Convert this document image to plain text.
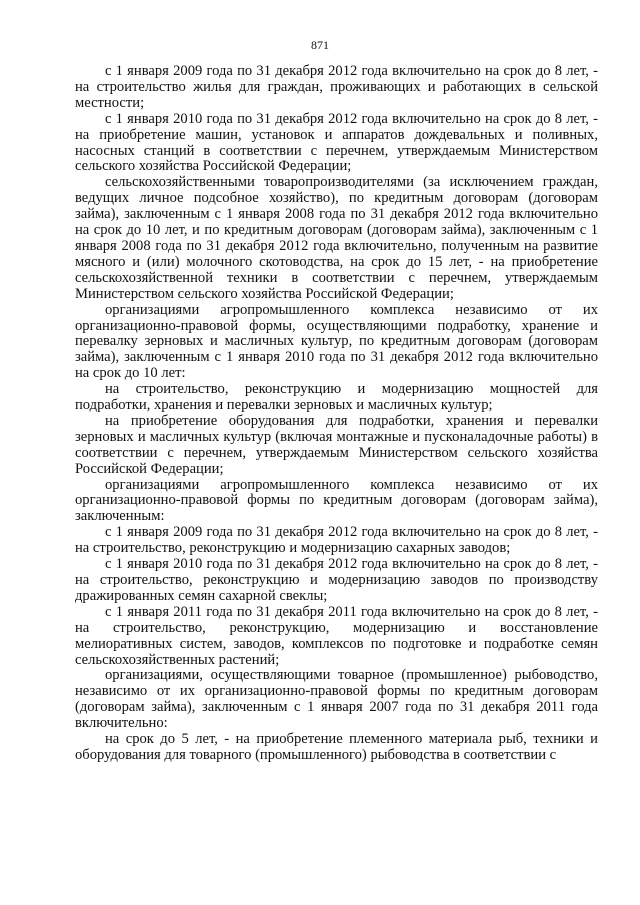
871

с 1 января 2009 года по 31 декабря 2012 года включительно на срок до 8 лет, - на строительство жилья для граждан, проживающих и работающих в сельской местности;

с 1 января 2010 года по 31 декабря 2012 года включительно на срок до 8 лет, - на приобретение машин, установок и аппаратов дождевальных и поливных, насосных станций в соответствии с перечнем, утверждаемым Министерством сельского хозяйства Российской Федерации;

сельскохозяйственными товаропроизводителями (за исключением граждан, ведущих личное подсобное хозяйство), по кредитным договорам (договорам займа), заключенным с 1 января 2008 года по 31 декабря 2012 года включительно на срок до 10 лет, и по кредитным договорам (договорам займа), заключенным с 1 января 2008 года по 31 декабря 2012 года включительно, полученным на развитие мясного и (или) молочного скотоводства, на срок до 15 лет, - на приобретение сельскохозяйственной техники в соответствии с перечнем, утверждаемым Министерством сельского хозяйства Российской Федерации;

организациями агропромышленного комплекса независимо от их организационно-правовой формы, осуществляющими подработку, хранение и перевалку зерновых и масличных культур, по кредитным договорам (договорам займа), заключенным с 1 января 2010 года по 31 декабря 2012 года включительно на срок до 10 лет:

на строительство, реконструкцию и модернизацию мощностей для подработки, хранения и перевалки зерновых и масличных культур;

на приобретение оборудования для подработки, хранения и перевалки зерновых и масличных культур (включая монтажные и пусконаладочные работы) в соответствии с перечнем, утверждаемым Министерством сельского хозяйства Российской Федерации;

организациями агропромышленного комплекса независимо от их организационно-правовой формы по кредитным договорам (договорам займа), заключенным:

с 1 января 2009 года по 31 декабря 2012 года включительно на срок до 8 лет, - на строительство, реконструкцию и модернизацию сахарных заводов;

с 1 января 2010 года по 31 декабря 2012 года включительно на срок до 8 лет, - на строительство, реконструкцию и модернизацию заводов по производству дражированных семян сахарной свеклы;

с 1 января 2011 года по 31 декабря 2011 года включительно на срок до 8 лет, - на строительство, реконструкцию, модернизацию и восстановление мелиоративных систем, заводов, комплексов по подготовке и подработке семян сельскохозяйственных растений;

организациями, осуществляющими товарное (промышленное) рыбоводство, независимо от их организационно-правовой формы по кредитным договорам (договорам займа), заключенным с 1 января 2007 года по 31 декабря 2011 года включительно:

на срок до 5 лет, - на приобретение племенного материала рыб, техники и оборудования для товарного (промышленного) рыбоводства в соответствии с
